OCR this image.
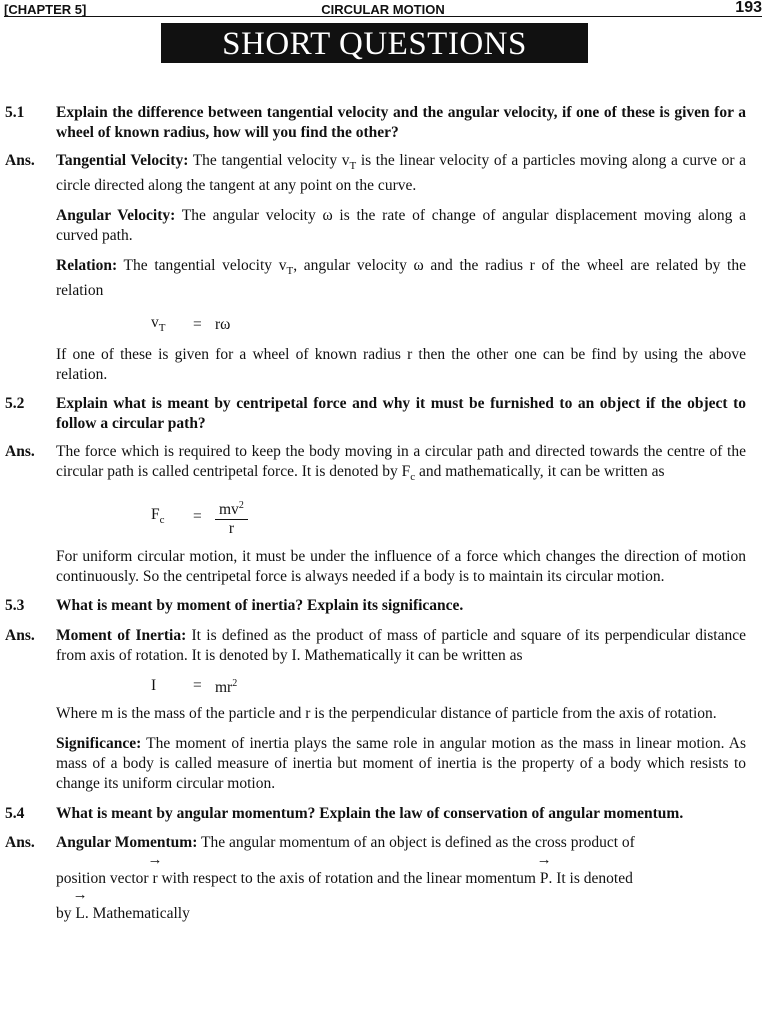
[CHAPTER 5]	CIRCULAR MOTION	193
SHORT QUESTIONS
5.1	Explain the difference between tangential velocity and the angular velocity, if one of these is given for a wheel of known radius, how will you find the other?
Ans.	Tangential Velocity: The tangential velocity $v_T$ is the linear velocity of a particles moving along a curve or a circle directed along the tangent at any point on the curve.
Angular Velocity: The angular velocity ω is the rate of change of angular displacement moving along a curved path.
Relation: The tangential velocity $v_T$, angular velocity ω and the radius r of the wheel are related by the relation
$v_T$	= rω
If one of these is given for a wheel of known radius r then the other one can be find by using the above relation.
5.2	Explain what is meant by centripetal force and why it must be furnished to an object if the object to follow a circular path?
Ans.	The force which is required to keep the body moving in a circular path and directed towards the centre of the circular path is called centripetal force. It is denoted by $F_c$ and mathematically, it can be written as
$F_c$	= $\frac{mv^2}{r}$
For uniform circular motion, it must be under the influence of a force which changes the direction of motion continuously. So the centripetal force is always needed if a body is to maintain its circular motion.
5.3	What is meant by moment of inertia? Explain its significance.
Ans.	Moment of Inertia: It is defined as the product of mass of particle and square of its perpendicular distance from axis of rotation. It is denoted by I. Mathematically it can be written as
I	= $mr^2$
Where m is the mass of the particle and r is the perpendicular distance of particle from the axis of rotation.
Significance: The moment of inertia plays the same role in angular motion as the mass in linear motion. As mass of a body is called measure of inertia but moment of inertia is the property of a body which resists to change its uniform circular motion.
5.4	What is meant by angular momentum? Explain the law of conservation of angular momentum.
Ans.	Angular Momentum: The angular momentum of an object is defined as the cross product of
position vector
→
r with respect to the axis of rotation and the linear momentum
→
P. It is denoted
by
→
L. Mathematically
